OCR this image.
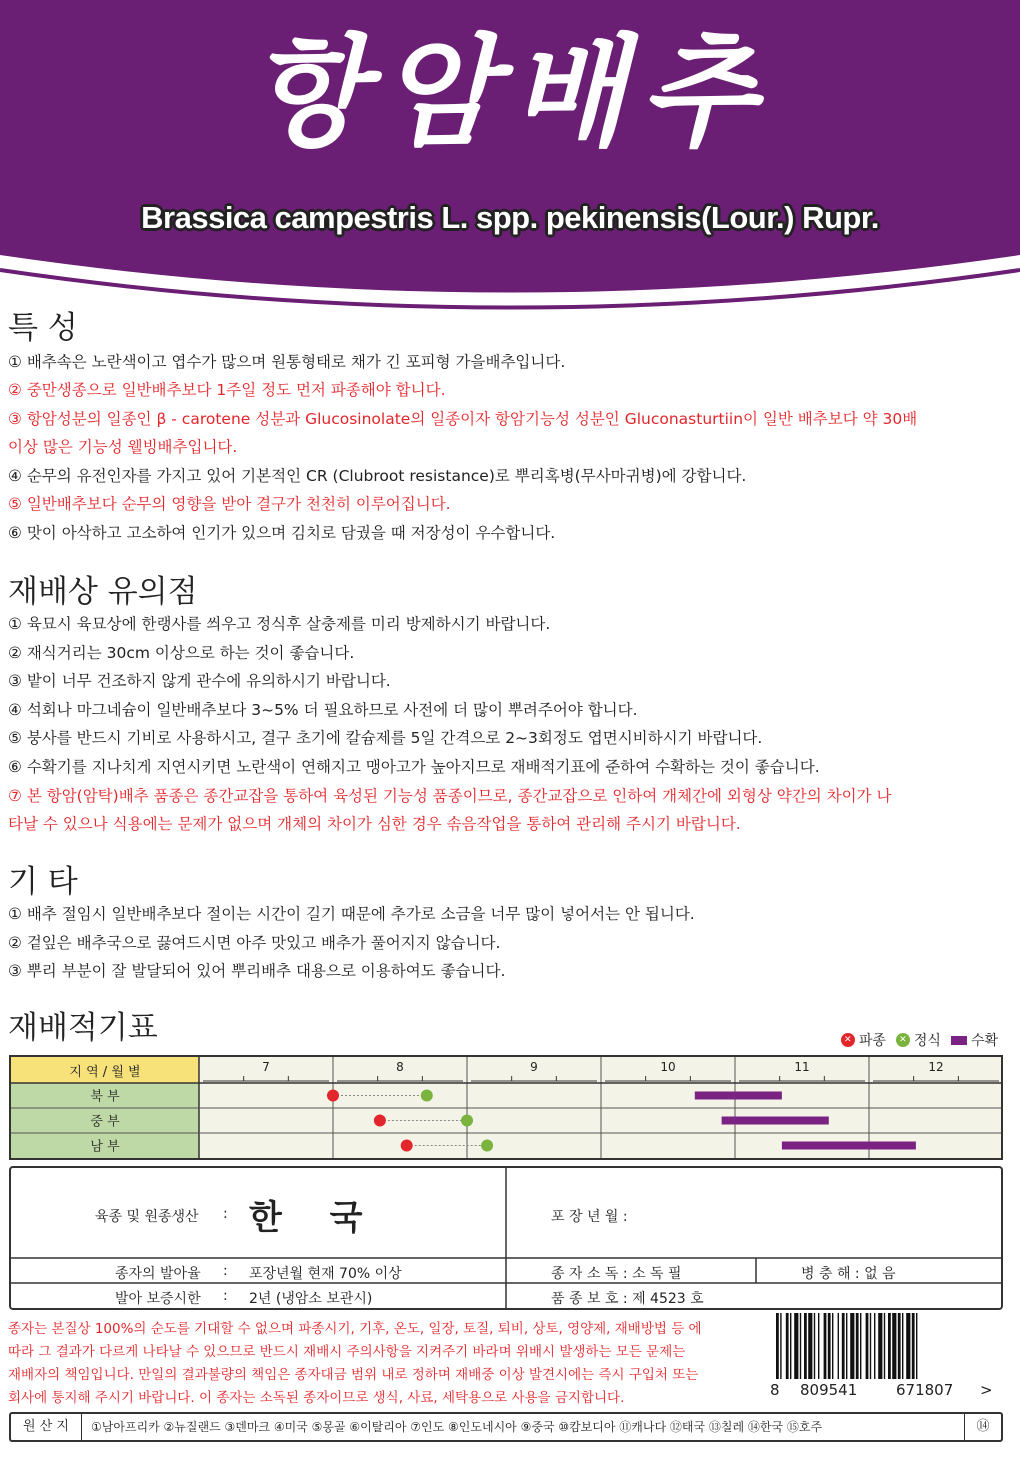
항암배추
Brassica campestris L. spp. pekinensis(Lour.) Rupr.
특 성
① 배추속은 노란색이고 엽수가 많으며 원통형태로 채가 긴 포피형 가을배추입니다.
② 중만생종으로 일반배추보다 1주일 정도 먼저 파종해야 합니다.
③ 항암성분의 일종인 β - carotene 성분과 Glucosinolate의 일종이자 항암기능성 성분인 Gluconasturtiin이 일반 배추보다 약 30배
이상 많은 기능성 웰빙배추입니다.
④ 순무의 유전인자를 가지고 있어 기본적인 CR (Clubroot resistance)로 뿌리혹병(무사마귀병)에 강합니다.
⑤ 일반배추보다 순무의 영향을 받아 결구가 천천히 이루어집니다.
⑥ 맛이 아삭하고 고소하여 인기가 있으며 김치로 담궜을 때 저장성이 우수합니다.
재배상 유의점
① 육묘시 육묘상에 한랭사를 씌우고 정식후 살충제를 미리 방제하시기 바랍니다.
② 재식거리는 30cm 이상으로 하는 것이 좋습니다.
③ 밭이 너무 건조하지 않게 관수에 유의하시기 바랍니다.
④ 석회나 마그네슘이 일반배추보다 3~5% 더 필요하므로 사전에 더 많이 뿌려주어야 합니다.
⑤ 붕사를 반드시 기비로 사용하시고, 결구 초기에 칼슘제를 5일 간격으로 2~3회정도 엽면시비하시기 바랍니다.
⑥ 수확기를 지나치게 지연시키면 노란색이 연해지고 맹아고가 높아지므로 재배적기표에 준하여 수확하는 것이 좋습니다.
⑦ 본 항암(암탁)배추 품종은 종간교잡을 통하여 육성된 기능성 품종이므로, 종간교잡으로 인하여 개체간에 외형상 약간의 차이가 나
타날 수 있으나 식용에는 문제가 없으며 개체의 차이가 심한 경우 솎음작업을 통하여 관리해 주시기 바랍니다.
기 타
① 배추 절임시 일반배추보다 절이는 시간이 길기 때문에 추가로 소금을 너무 많이 넣어서는 안 됩니다.
② 겉잎은 배추국으로 끓여드시면 아주 맛있고 배추가 풀어지지 않습니다.
③ 뿌리 부분이 잘 발달되어 있어 뿌리배추 대용으로 이용하여도 좋습니다.
재배적기표	✕ 파종	✕ 정식 수확
지 역 / 월 별	7	8	9	10	11	12
북 부
중 부
남 부
육종 및 원종생산 : 한 국	포 장 년 월 :
종자의 발아율 : 포장년월 현재 70% 이상	종 자 소 독 : 소 독 필	병 충 해 : 없 음
발아 보증시한 : 2년 (냉암소 보관시)	품 종 보 호 : 제 4523 호
종자는 본질상 100%의 순도를 기대할 수 없으며 파종시기, 기후, 온도, 일장, 토질, 퇴비, 상토, 영양제, 재배방법 등 에
따라 그 결과가 다르게 나타날 수 있으므로 반드시 재배시 주의사항을 지켜주기 바라며 위배시 발생하는 모든 문제는
재배자의 책임입니다. 만일의 결과불량의 책임은 종자대금 범위 내로 정하며 재배중 이상 발견시에는 즉시 구입처 또는
회사에 통지해 주시기 바랍니다. 이 종자는 소독된 종자이므로 생식, 사료, 세탁용으로 사용을 금지합니다.	8 809541	671807 >
원 산 지	①남아프리카 ②뉴질랜드 ③덴마크 ④미국 ⑤몽골 ⑥이탈리아 ⑦인도 ⑧인도네시아 ⑨중국 ⑩캄보디아 ⑪캐나다 ⑫태국 ⑬칠레 ⑭한국 ⑮호주	⑭
